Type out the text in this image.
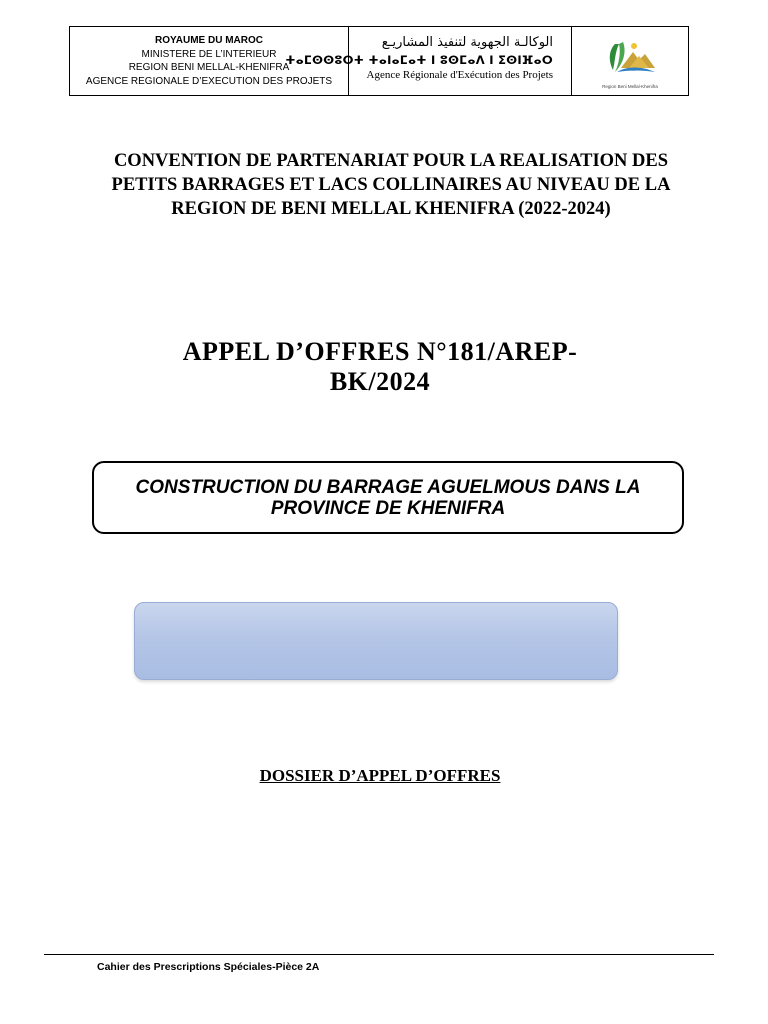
ROYAUME DU MAROC
MINISTERE DE L’INTERIEUR
REGION BENI MELLAL-KHENIFRA
AGENCE REGIONALE D’EXECUTION DES PROJETS
الوكالـة الجهوية لتنفيذ المشاريـع
ⵜⴰⵎⵙⵙⵓⵔⵜ ⵜⴰⵏⴰⵎⴰⵜ ⵏ ⵓⵙⵎⴰⴷ ⵏ ⵉⵙⵏⴼⴰⵔ
Agence Régionale d'Exécution des Projets
Region Beni Mellal-Khenifra
CONVENTION DE PARTENARIAT POUR LA REALISATION DES PETITS BARRAGES ET LACS COLLINAIRES AU NIVEAU DE LA REGION DE BENI MELLAL KHENIFRA (2022-2024)
APPEL D’OFFRES N°181/AREP-
BK/2024
CONSTRUCTION DU BARRAGE AGUELMOUS DANS LA
PROVINCE DE KHENIFRA
DOSSIER D’APPEL D’OFFRES
Cahier des Prescriptions Spéciales-Pièce 2A
